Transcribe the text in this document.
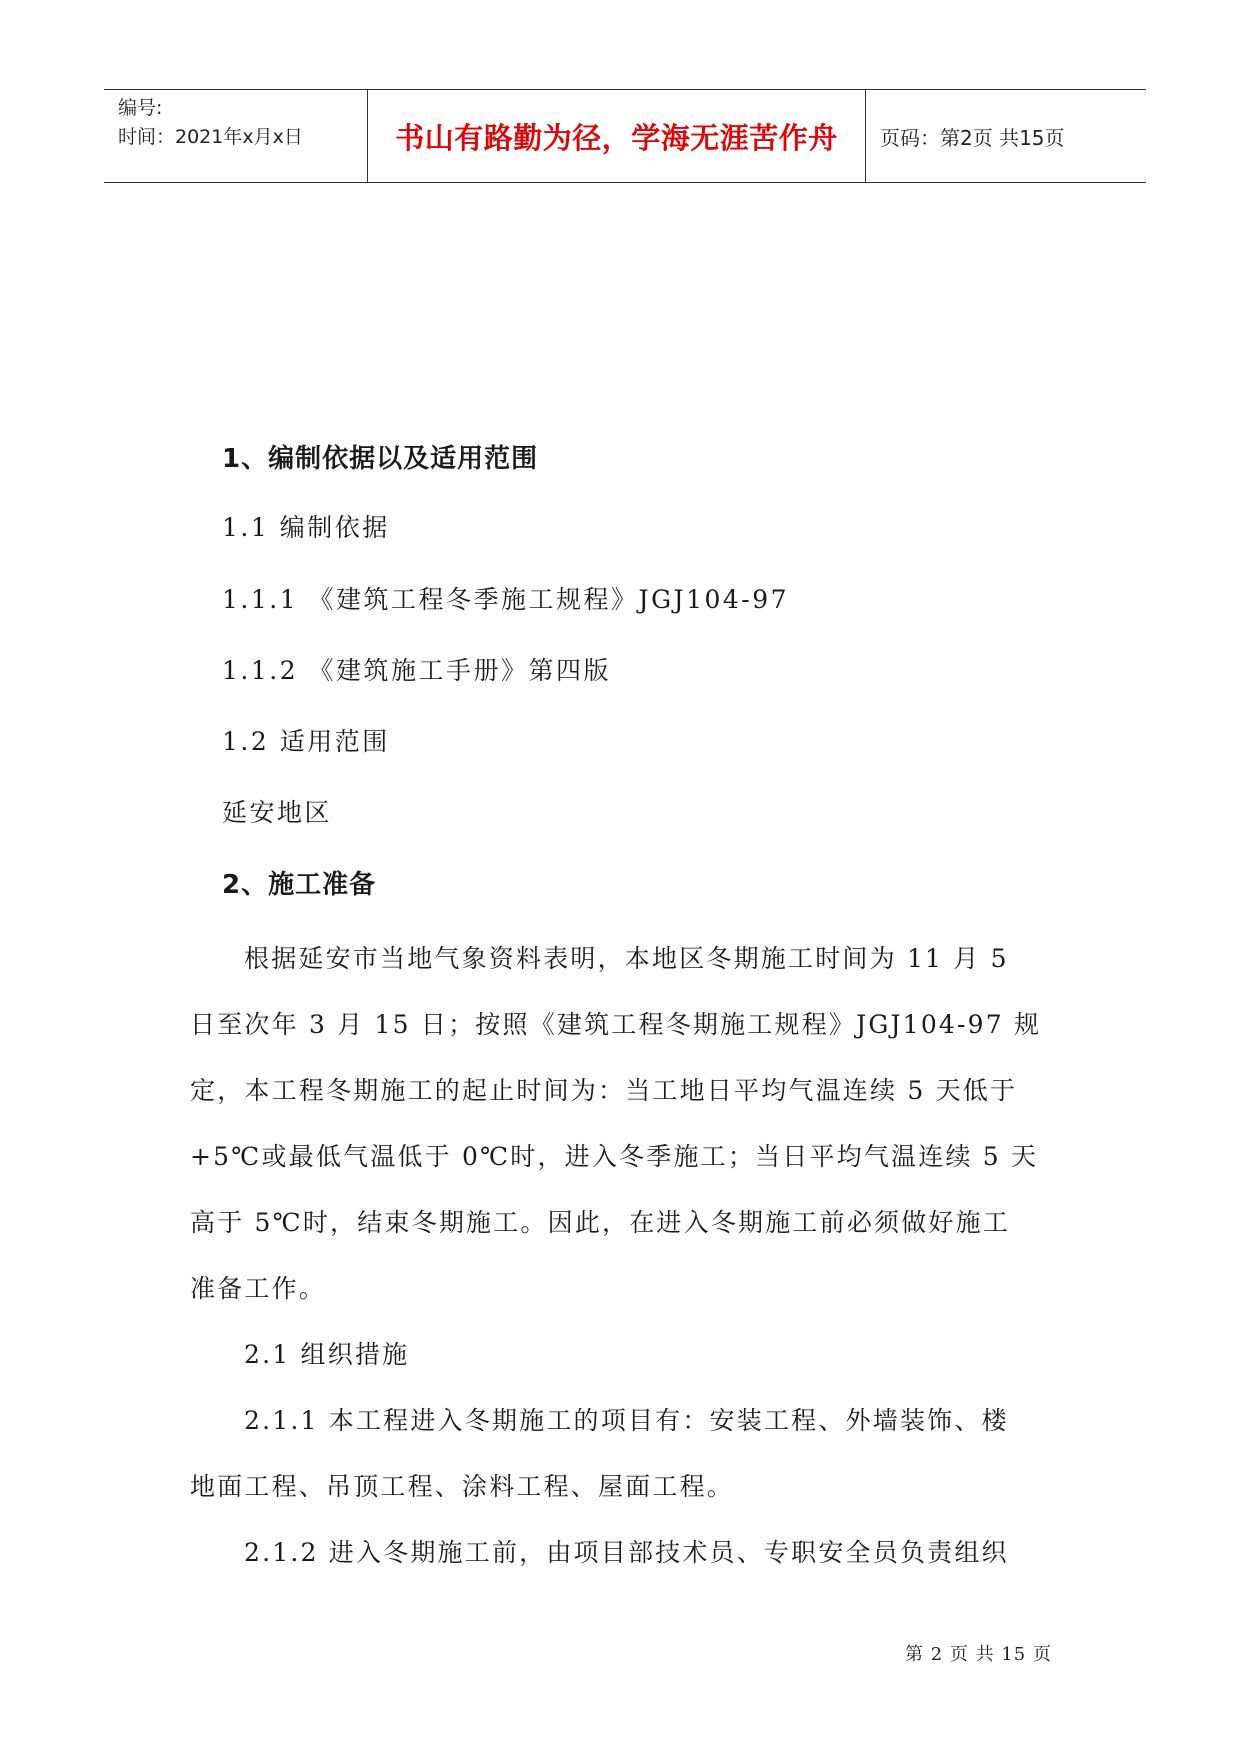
编号:
时间：2021年x月x日	书山有路勤为径，学海无涯苦作舟 页码：第2页 共15页
1、编制依据以及适用范围
1.1 编制依据
1.1.1 《建筑工程冬季施工规程》JGJ104-97
1.1.2 《建筑施工手册》第四版
1.2 适用范围
延安地区
2、施工准备
根据延安市当地气象资料表明，本地区冬期施工时间为 11 月 5
日至次年 3 月 15 日；按照《建筑工程冬期施工规程》JGJ104-97 规
定，本工程冬期施工的起止时间为：当工地日平均气温连续 5 天低于
+5℃或最低气温低于 0℃时，进入冬季施工；当日平均气温连续 5 天
高于 5℃时，结束冬期施工。因此，在进入冬期施工前必须做好施工
准备工作。
2.1 组织措施
2.1.1 本工程进入冬期施工的项目有：安装工程、外墙装饰、楼
地面工程、吊顶工程、涂料工程、屋面工程。
2.1.2 进入冬期施工前，由项目部技术员、专职安全员负责组织
第 2 页 共 15 页
